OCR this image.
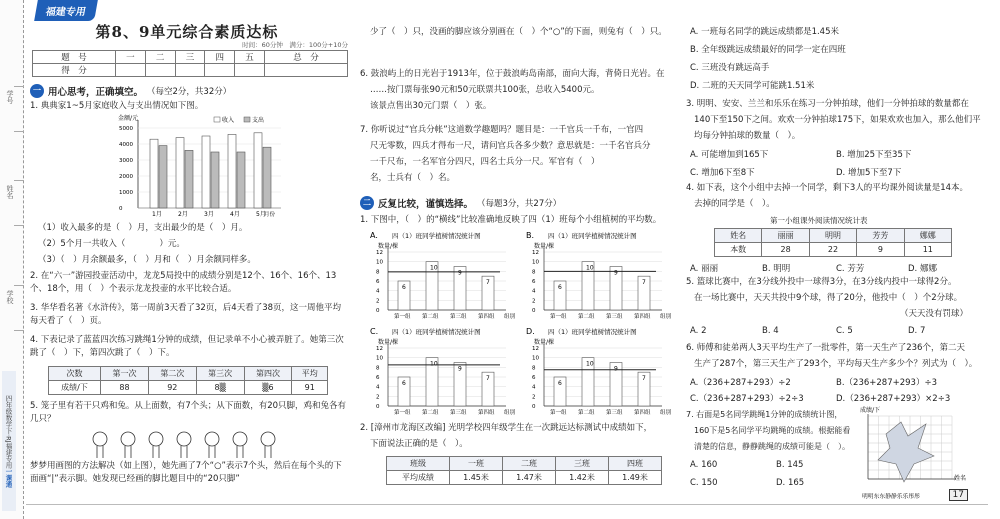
学号
姓名
学校
四年级数学下·RJ福建专用
一课通
福建专用
第8、9单元综合素质达标
时间：60分钟　满分：100分+10分
题　号	一	二	三	四	五	总　分
得　分						
一 用心思考，正确填空。 （每空2分，共32分）
1. 典典家1~5月家庭收入与支出情况如下图。
金额/元	收入	支出
5000
4000
3000
2000
1000
0
1月	2月	3月	4月	5月
月份
（1）收入最多的是（　）月，支出最少的是（　）月。
（2）5个月一共收入（　　　　）元。
（3）（　）月余额最多，（　）月和（　）月余额同样多。
2. 在“六一”游园投壶活动中，龙龙5局投中的成绩分别是12个、16个、16个、13个、18个，用（　）个表示龙龙投壶的水平比较合适。
3. 华华看名著《水浒传》，第一周前3天看了32页，后4天看了38页，这一周他平均每天看了（　）页。
4. 下表记录了蓝蓝四次练习跳绳1分钟的成绩，但记录单不小心被弄脏了。她第三次跳了（　）下，第四次跳了（　）下。
次数	第一次	第二次	第三次	第四次	平均
成绩/下	88	92	8▒	▒6	91
5. 笼子里有若干只鸡和兔。从上面数，有7个头；从下面数，有20只脚，鸡和兔各有几只？
梦梦用画图的方法解决（如上图），她先画了7个“○”表示7个头，然后在每个头的下面画“|”表示脚。她发现已经画的脚比题目中的“20只脚”
少了（　）只，没画的脚应该分别画在（　）个“○”的下面，则兔有（　）只。
6. 鼓浪屿上的日光岩于1913年，位于鼓浪屿岛南部，面向大海，背倚日光岩。在
……按门票每张90元和50元联票共100张，总收入5400元。
该景点售出30元门票（　）张。
7. 你听说过“官兵分帐”这道数学趣题吗？题目是：一千官兵一千布，一官四
尺无零数，四兵才得布一尺，请问官兵各多少数？意思就是：一千名官兵分
一千尺布，一名军官分四尺，四名士兵分一尺。军官有（　）
名，士兵有（　）名。
二 反复比较，谨慎选择。 （每题3分，共27分）
1. 下图中，（　）的“横线”比较准确地反映了四（1）班每个小组植树的平均数。
A. 四（1）班同学植树情况统计图
数量/棵
12
10
8
6
4
2
0
6
第一组
10
第二组
9
第三组
7
第四组 组别
B. 四（1）班同学植树情况统计图
数量/棵
12
10
8
6
4
2
0
6
第一组
10
第二组
9
第三组
7
第四组 组别
C. 四（1）班同学植树情况统计图
数量/棵
12
10
8
6
4
2
0
6
第一组
10
第二组
9
第三组
7
第四组 组别
D. 四（1）班同学植树情况统计图
数量/棵
12
10
8
6
4
2
0
6
第一组
10
第二组
9
第三组
7
第四组 组别
2. [漳州市龙海区改编] 光明学校四年级学生在一次跳远达标测试中成绩如下，
下面说法正确的是（　）。
班级	一班	二班	三班	四班
平均成绩	1.45米	1.47米	1.42米	1.49米
A. 一班每名同学的跳远成绩都是1.45米
B. 全年级跳远成绩最好的同学一定在四班
C. 三班没有跳远高手
D. 二班的天天同学可能跳1.51米
3. 明明、安安、兰兰和乐乐在练习一分钟拍球，他们一分钟拍球的数量都在
140下至150下之间。欢欢一分钟拍球175下，如果欢欢也加入，那么他们平
均每分钟拍球的数量（　）。
A. 可能增加到165下	B. 增加25下至35下
C. 增加6下至8下	D. 增加5下至7下
4. 如下表，这个小组中去掉一个同学，剩下3人的平均课外阅读量是14本。
去掉的同学是（　）。
第一小组课外阅读情况统计表
姓名	丽丽	明明	芳芳	娜娜
本数	28	22	9	11
A. 丽丽	B. 明明	C. 芳芳	D. 娜娜
5. 篮球比赛中，在3分线外投中一球得3分，在3分线内投中一球得2分。
在一场比赛中，天天共投中9个球，得了20分，他投中（　）个2分球。
（天天没有罚球）
A. 2	B. 4	C. 5	D. 7
6. 师傅和徒弟两人3天平均生产了一批零件，第一天生产了236个，第二天
生产了287个，第三天生产了293个，平均每天生产多少个？列式为（　）。
A.（236+287+293）÷2	B.（236+287+293）÷3
C.（236+287+293）÷2÷3	D.（236+287+293）×2÷3
7. 右面是5名同学跳绳1分钟的成绩统计图，
160下是5名同学平均跳绳的成绩。根据能看
清楚的信息，静静跳绳的成绩可能是（　）。
A. 160	B. 145
C. 150	D. 165
成绩/下
姓名
明明东东静静乐乐彤彤	17
